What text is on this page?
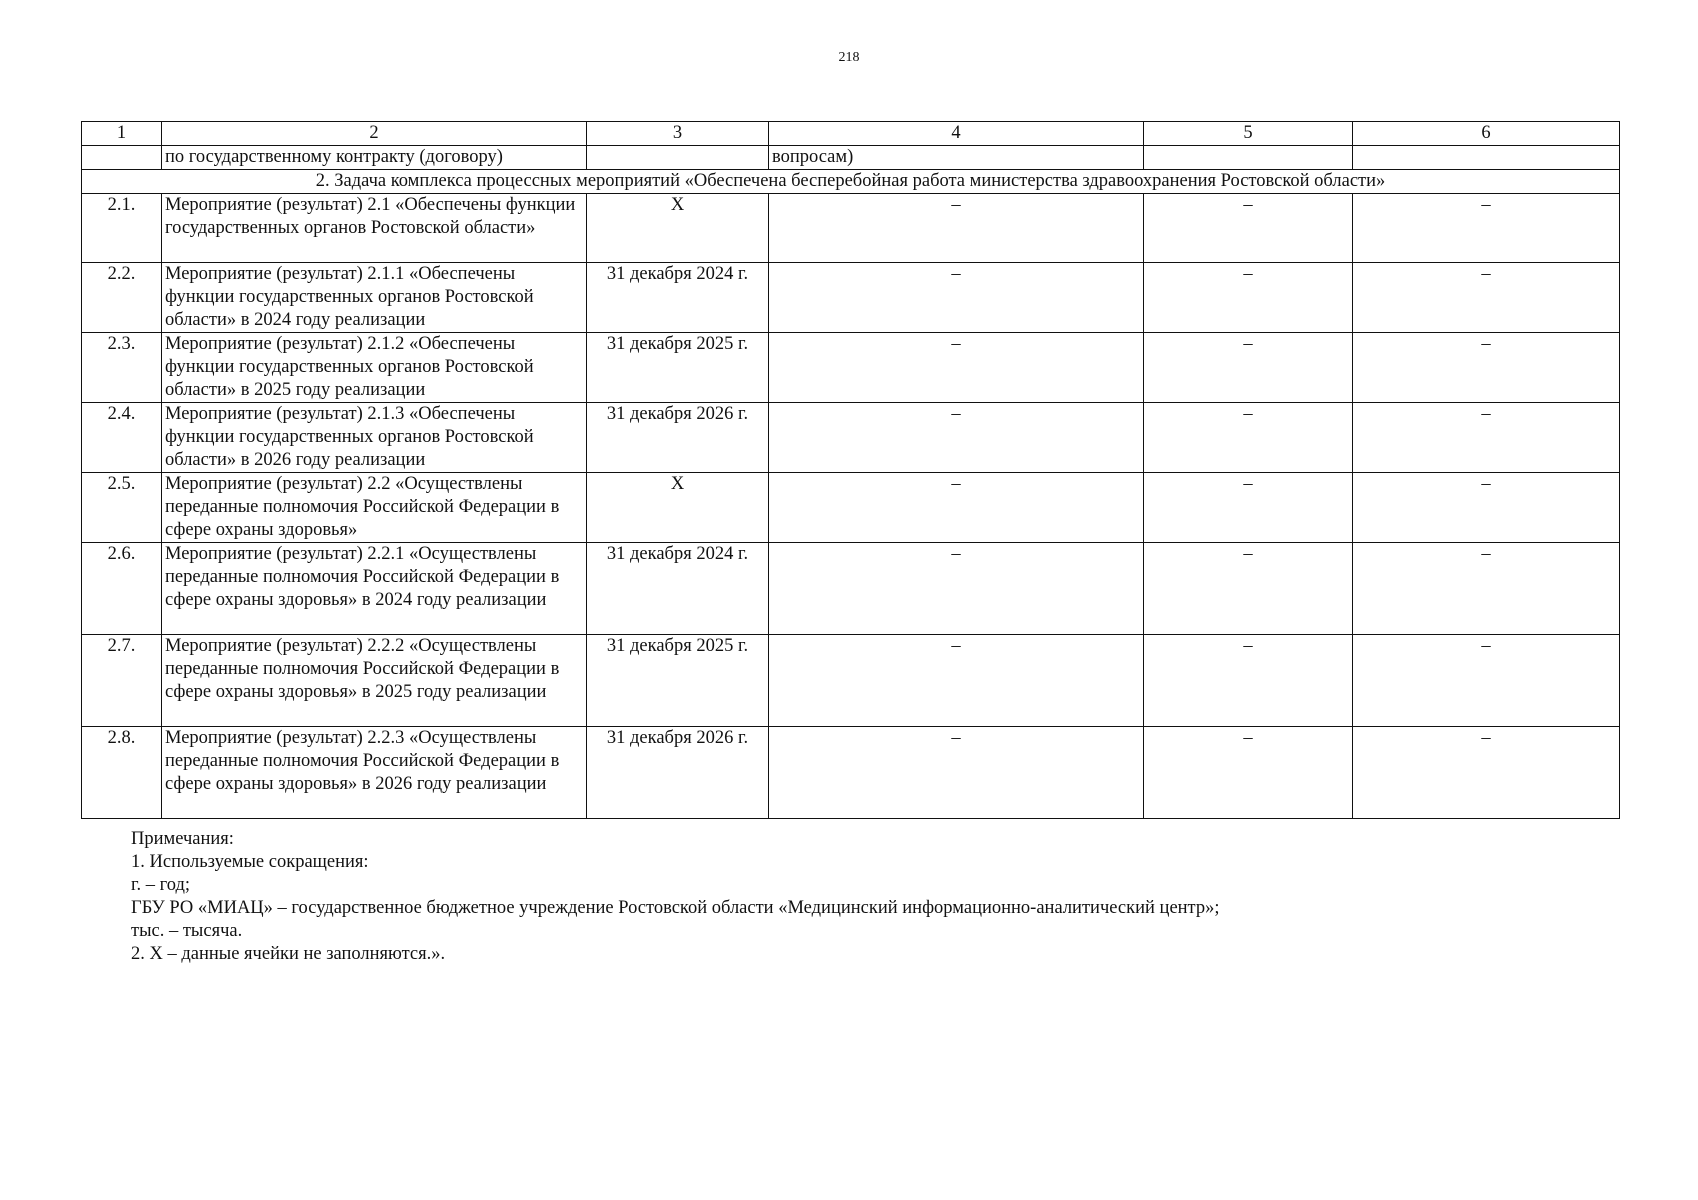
218
1	2	3	4	5	6
	по государственному контракту (договору)		вопросам)		
2. Задача комплекса процессных мероприятий «Обеспечена бесперебойная работа министерства здравоохранения Ростовской области»					
2.1.	Мероприятие (результат) 2.1 «Обеспечены функции государственных органов Ростовской области»	Х	–	–	–
2.2.	Мероприятие (результат) 2.1.1 «Обеспечены функции государственных органов Ростовской области» в 2024 году реализации	31 декабря 2024 г.	–	–	–
2.3.	Мероприятие (результат) 2.1.2 «Обеспечены функции государственных органов Ростовской области» в 2025 году реализации	31 декабря 2025 г.	–	–	–
2.4.	Мероприятие (результат) 2.1.3 «Обеспечены функции государственных органов Ростовской области» в 2026 году реализации	31 декабря 2026 г.	–	–	–
2.5.	Мероприятие (результат) 2.2 «Осуществлены переданные полномочия Российской Федерации в сфере охраны здоровья»	Х	–	–	–
2.6.	Мероприятие (результат) 2.2.1 «Осуществлены переданные полномочия Российской Федерации в сфере охраны здоровья» в 2024 году реализации	31 декабря 2024 г.	–	–	–
2.7.	Мероприятие (результат) 2.2.2 «Осуществлены переданные полномочия Российской Федерации в сфере охраны здоровья» в 2025 году реализации	31 декабря 2025 г.	–	–	–
2.8.	Мероприятие (результат) 2.2.3 «Осуществлены переданные полномочия Российской Федерации в сфере охраны здоровья» в 2026 году реализации	31 декабря 2026 г.	–	–	–
Примечания:
1. Используемые сокращения:
г. – год;
ГБУ РО «МИАЦ» – государственное бюджетное учреждение Ростовской области «Медицинский информационно-аналитический центр»;
тыс. – тысяча.
2. Х – данные ячейки не заполняются.».
